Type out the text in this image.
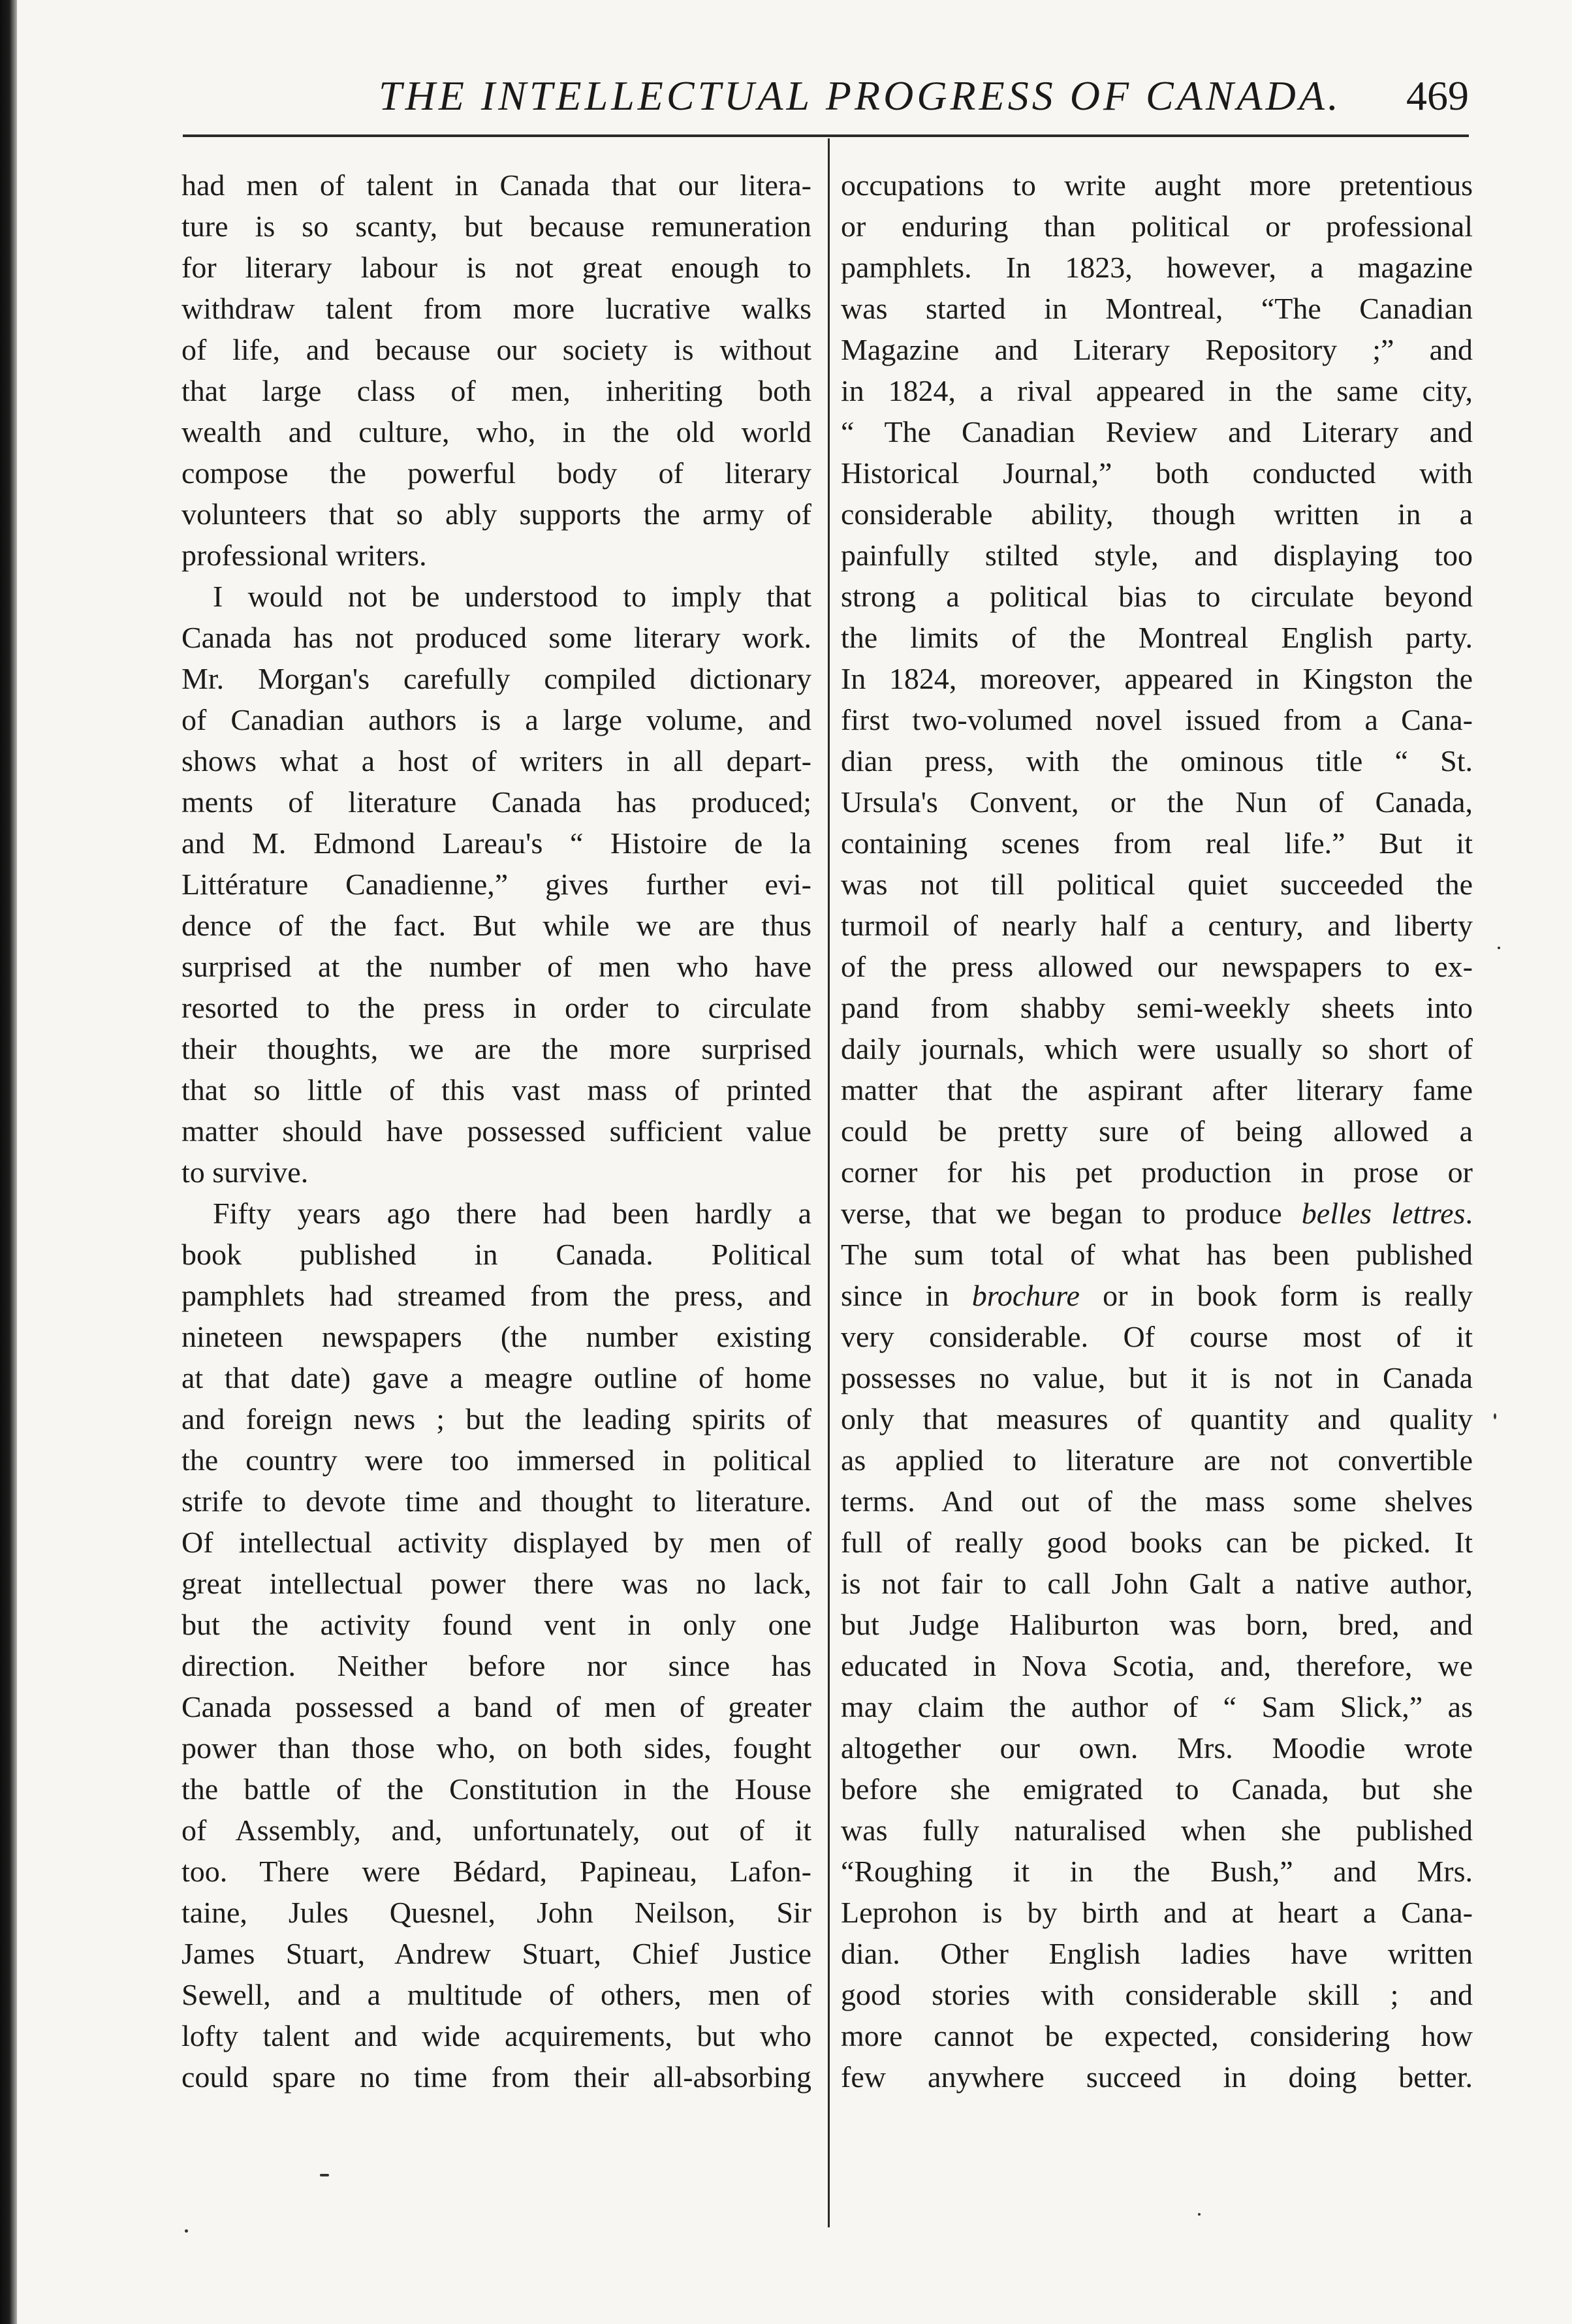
THE INTELLECTUAL PROGRESS OF CANADA. 469
had men of talent in Canada that our litera-
ture is so scanty, but because remuneration
for literary labour is not great enough to
withdraw talent from more lucrative walks
of life, and because our society is without
that large class of men, inheriting both
wealth and culture, who, in the old world
compose the powerful body of literary
volunteers that so ably supports the army of
professional writers.
I would not be understood to imply that
Canada has not produced some literary work.
Mr. Morgan's carefully compiled dictionary
of Canadian authors is a large volume, and
shows what a host of writers in all depart-
ments of literature Canada has produced;
and M. Edmond Lareau's “ Histoire de la
Littérature Canadienne,” gives further evi-
dence of the fact. But while we are thus
surprised at the number of men who have
resorted to the press in order to circulate
their thoughts, we are the more surprised
that so little of this vast mass of printed
matter should have possessed sufficient value
to survive.
Fifty years ago there had been hardly a
book published in Canada. Political
pamphlets had streamed from the press, and
nineteen newspapers (the number existing
at that date) gave a meagre outline of home
and foreign news ; but the leading spirits of
the country were too immersed in political
strife to devote time and thought to literature.
Of intellectual activity displayed by men of
great intellectual power there was no lack,
but the activity found vent in only one
direction. Neither before nor since has
Canada possessed a band of men of greater
power than those who, on both sides, fought
the battle of the Constitution in the House
of Assembly, and, unfortunately, out of it
too. There were Bédard, Papineau, Lafon-
taine, Jules Quesnel, John Neilson, Sir
James Stuart, Andrew Stuart, Chief Justice
Sewell, and a multitude of others, men of
lofty talent and wide acquirements, but who
could spare no time from their all-absorbing
occupations to write aught more pretentious
or enduring than political or professional
pamphlets. In 1823, however, a magazine
was started in Montreal, “The Canadian
Magazine and Literary Repository ;” and
in 1824, a rival appeared in the same city,
“ The Canadian Review and Literary and
Historical Journal,” both conducted with
considerable ability, though written in a
painfully stilted style, and displaying too
strong a political bias to circulate beyond
the limits of the Montreal English party.
In 1824, moreover, appeared in Kingston the
first two-volumed novel issued from a Cana-
dian press, with the ominous title “ St.
Ursula's Convent, or the Nun of Canada,
containing scenes from real life.” But it
was not till political quiet succeeded the
turmoil of nearly half a century, and liberty
of the press allowed our newspapers to ex-
pand from shabby semi-weekly sheets into
daily journals, which were usually so short of
matter that the aspirant after literary fame
could be pretty sure of being allowed a
corner for his pet production in prose or
verse, that we began to produce belles lettres.
The sum total of what has been published
since in brochure or in book form is really
very considerable. Of course most of it
possesses no value, but it is not in Canada
only that measures of quantity and quality
as applied to literature are not convertible
terms. And out of the mass some shelves
full of really good books can be picked. It
is not fair to call John Galt a native author,
but Judge Haliburton was born, bred, and
educated in Nova Scotia, and, therefore, we
may claim the author of “ Sam Slick,” as
altogether our own. Mrs. Moodie wrote
before she emigrated to Canada, but she
was fully naturalised when she published
“Roughing it in the Bush,” and Mrs.
Leprohon is by birth and at heart a Cana-
dian. Other English ladies have written
good stories with considerable skill ; and
more cannot be expected, considering how
few anywhere succeed in doing better.
